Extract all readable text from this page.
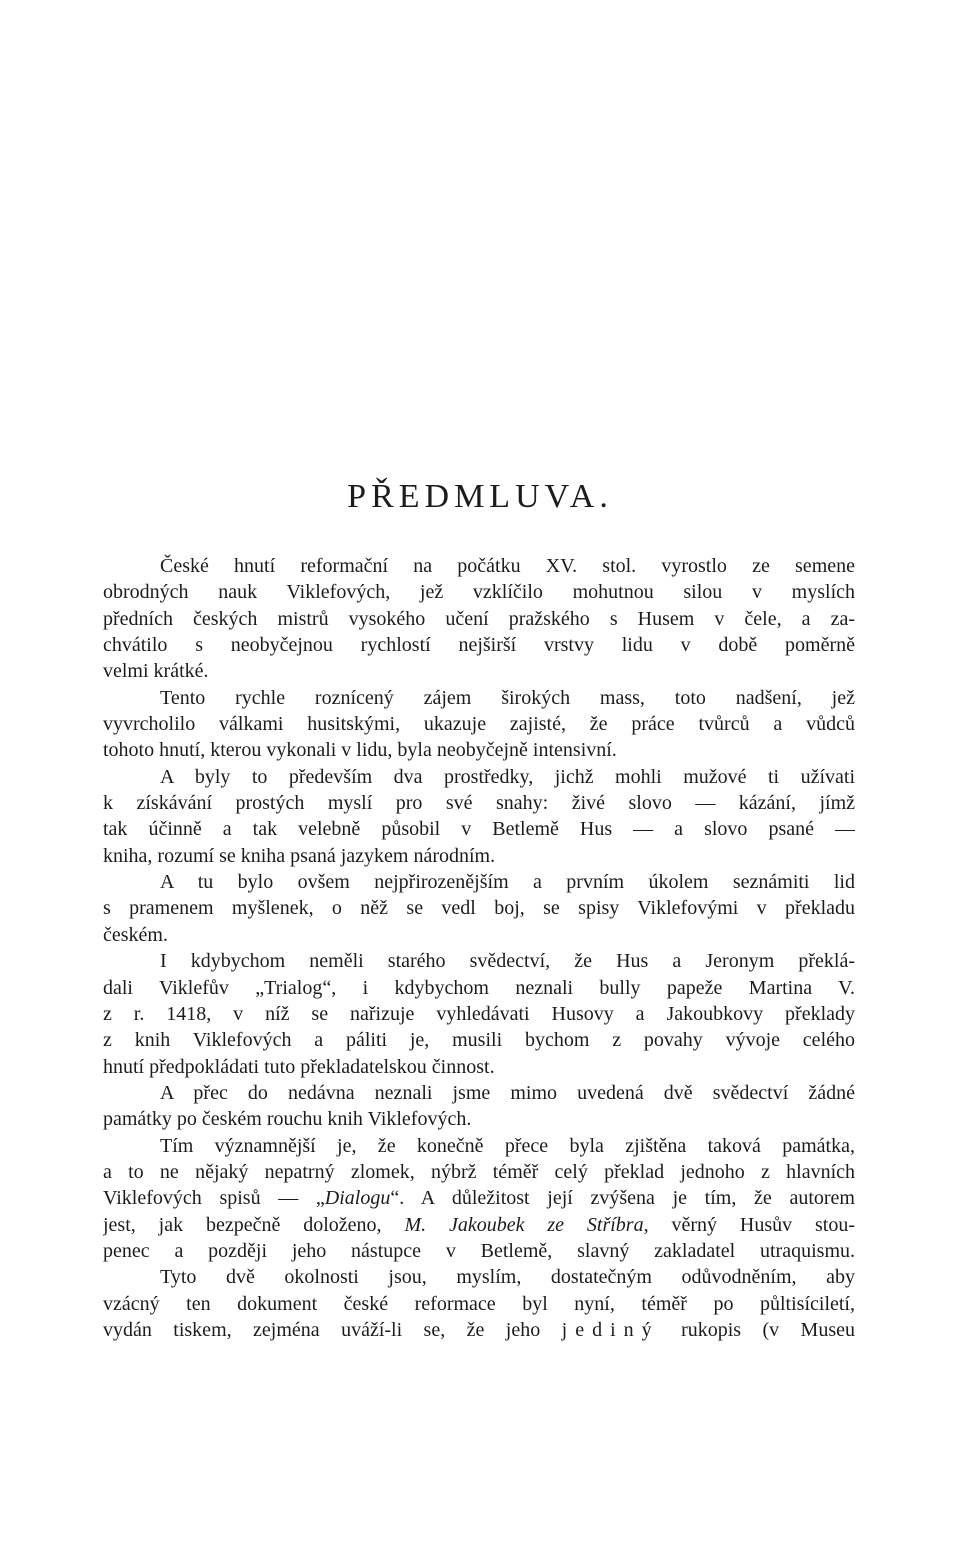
PŘEDMLUVA.

České hnutí reformační na počátku XV. stol. vyrostlo ze semene
obrodných nauk Viklefových, jež vzklíčilo mohutnou silou v myslích
předních českých mistrů vysokého učení pražského s Husem v čele, a za-
chvátilo s neobyčejnou rychlostí nejširší vrstvy lidu v době poměrně
velmi krátké.

Tento rychle roznícený zájem širokých mass, toto nadšení, jež
vyvrcholilo válkami husitskými, ukazuje zajisté, že práce tvůrců a vůdců
tohoto hnutí, kterou vykonali v lidu, byla neobyčejně intensivní.

A byly to především dva prostředky, jichž mohli mužové ti užívati
k získávání prostých myslí pro své snahy: živé slovo — kázání, jímž
tak účinně a tak velebně působil v Betlemě Hus — a slovo psané —
kniha, rozumí se kniha psaná jazykem národním.

A tu bylo ovšem nejpřirozenějším a prvním úkolem seznámiti lid
s pramenem myšlenek, o něž se vedl boj, se spisy Viklefovými v překladu
českém.

I kdybychom neměli starého svědectví, že Hus a Jeronym překlá-
dali Viklefův „Trialog“, i kdybychom neznali bully papeže Martina V.
z r. 1418, v níž se nařizuje vyhledávati Husovy a Jakoubkovy překlady
z knih Viklefových a páliti je, musili bychom z povahy vývoje celého
hnutí předpokládati tuto překladatelskou činnost.

A přec do nedávna neznali jsme mimo uvedená dvě svědectví žádné
památky po českém rouchu knih Viklefových.

Tím významnější je, že konečně přece byla zjištěna taková památka,
a to ne nějaký nepatrný zlomek, nýbrž téměř celý překlad jednoho z hlavních
Viklefových spisů — „Dialogu“. A důležitost její zvýšena je tím, že autorem
jest, jak bezpečně doloženo, M. Jakoubek ze Stříbra, věrný Husův stou-
penec a později jeho nástupce v Betlemě, slavný zakladatel utraquismu.

Tyto dvě okolnosti jsou, myslím, dostatečným odůvodněním, aby
vzácný ten dokument české reformace byl nyní, téměř po půltisíciletí,
vydán tiskem, zejména uváží-li se, že jeho jediný rukopis (v Museu
